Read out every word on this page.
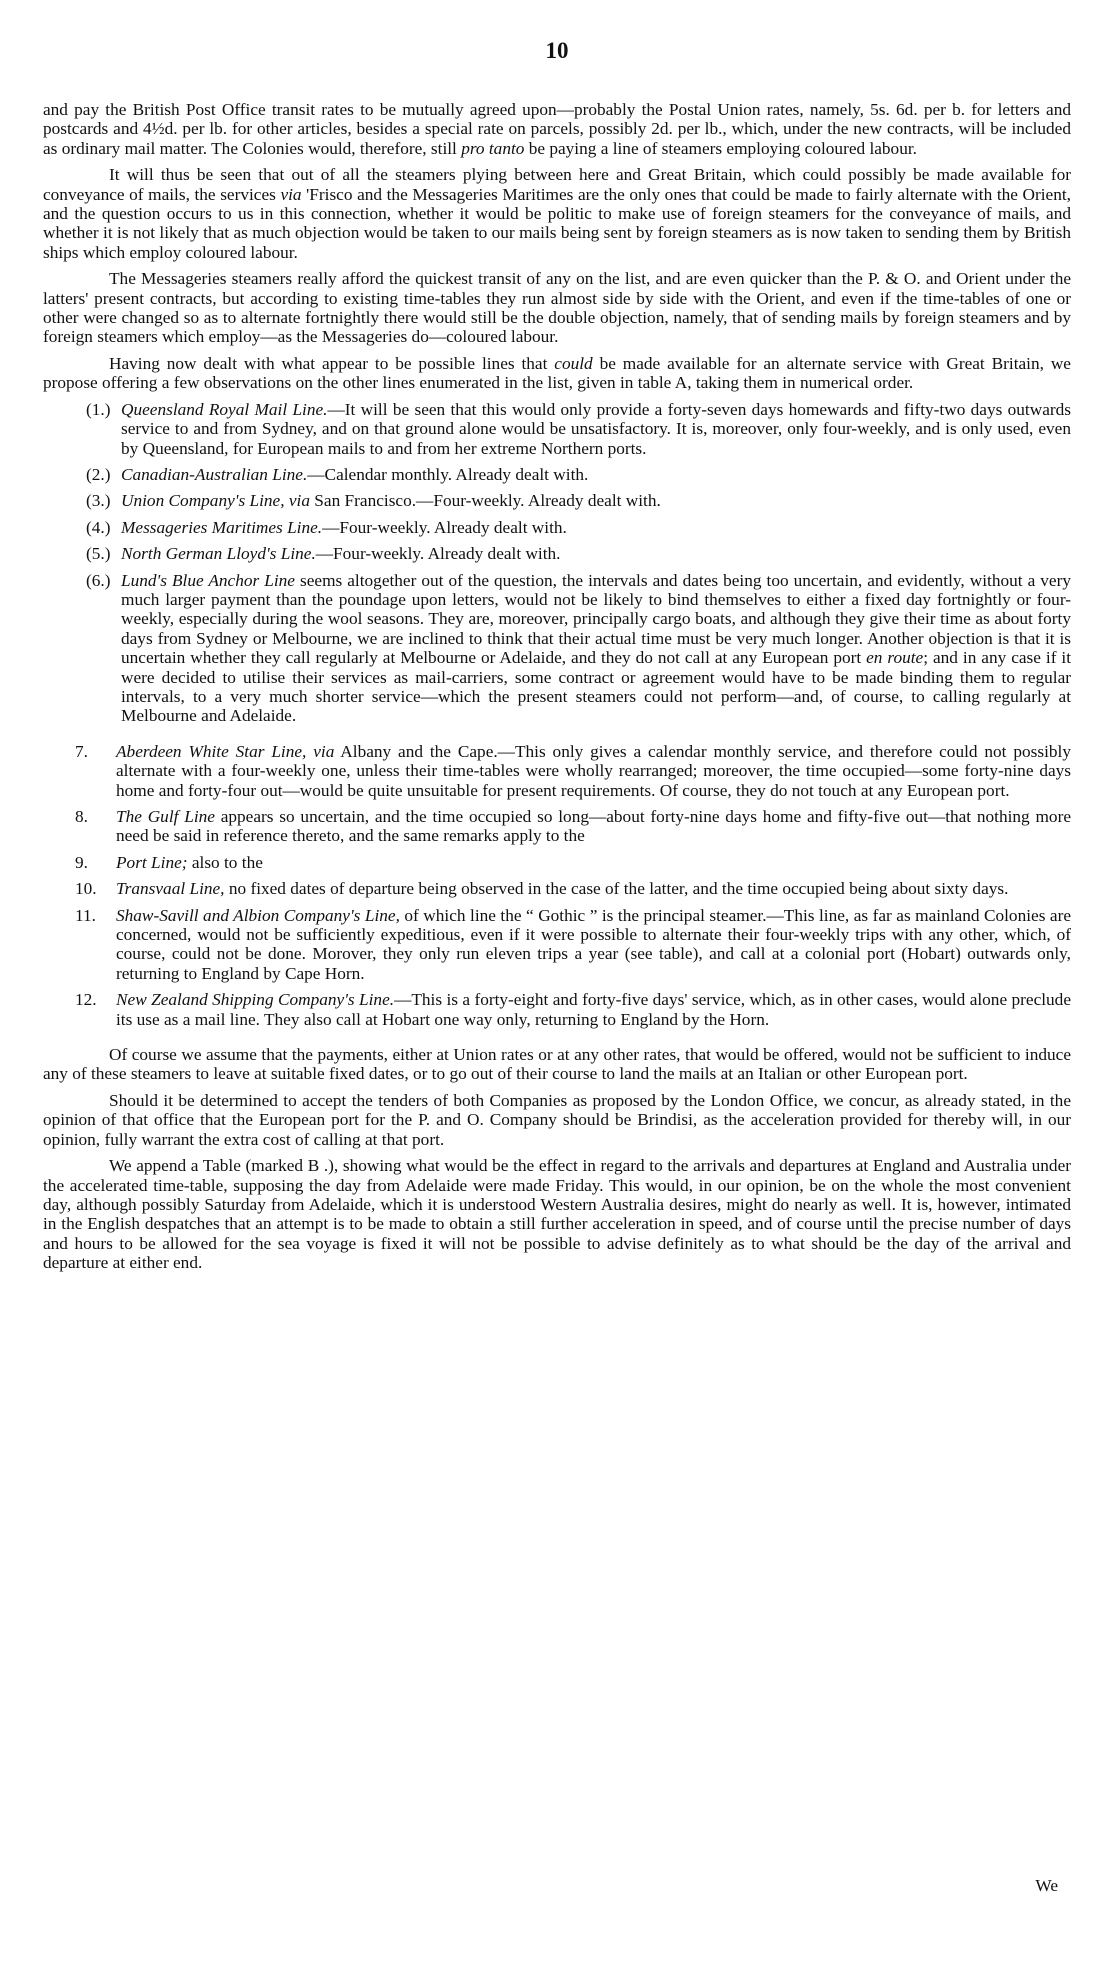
10

and pay the British Post Office transit rates to be mutually agreed upon—probably the Postal Union rates, namely, 5s. 6d. per b. for letters and postcards and 4½d. per lb. for other articles, besides a special rate on parcels, possibly 2d. per lb., which, under the new contracts, will be included as ordinary mail matter. The Colonies would, therefore, still pro tanto be paying a line of steamers employing coloured labour.

It will thus be seen that out of all the steamers plying between here and Great Britain, which could possibly be made available for conveyance of mails, the services via 'Frisco and the Messageries Maritimes are the only ones that could be made to fairly alternate with the Orient, and the question occurs to us in this connection, whether it would be politic to make use of foreign steamers for the conveyance of mails, and whether it is not likely that as much objection would be taken to our mails being sent by foreign steamers as is now taken to sending them by British ships which employ coloured labour.

The Messageries steamers really afford the quickest transit of any on the list, and are even quicker than the P. & O. and Orient under the latters' present contracts, but according to existing time-tables they run almost side by side with the Orient, and even if the time-tables of one or other were changed so as to alternate fortnightly there would still be the double objection, namely, that of sending mails by foreign steamers and by foreign steamers which employ—as the Messageries do—coloured labour.

Having now dealt with what appear to be possible lines that could be made available for an alternate service with Great Britain, we propose offering a few observations on the other lines enumerated in the list, given in table A, taking them in numerical order.

(1.) Queensland Royal Mail Line.—It will be seen that this would only provide a forty-seven days homewards and fifty-two days outwards service to and from Sydney, and on that ground alone would be unsatisfactory. It is, moreover, only four-weekly, and is only used, even by Queensland, for European mails to and from her extreme Northern ports.
(2.) Canadian-Australian Line.—Calendar monthly. Already dealt with.
(3.) Union Company's Line, via San Francisco.—Four-weekly. Already dealt with.
(4.) Messageries Maritimes Line.—Four-weekly. Already dealt with.
(5.) North German Lloyd's Line.—Four-weekly. Already dealt with.
(6.) Lund's Blue Anchor Line seems altogether out of the question, the intervals and dates being too uncertain, and evidently, without a very much larger payment than the poundage upon letters, would not be likely to bind themselves to either a fixed day fortnightly or four-weekly, especially during the wool seasons. They are, moreover, principally cargo boats, and although they give their time as about forty days from Sydney or Melbourne, we are inclined to think that their actual time must be very much longer. Another objection is that it is uncertain whether they call regularly at Melbourne or Adelaide, and they do not call at any European port en route; and in any case if it were decided to utilise their services as mail-carriers, some contract or agreement would have to be made binding them to regular intervals, to a very much shorter service—which the present steamers could not perform—and, of course, to calling regularly at Melbourne and Adelaide.
7.	Aberdeen White Star Line, via Albany and the Cape.—This only gives a calendar monthly service, and therefore could not possibly alternate with a four-weekly one, unless their time-tables were wholly rearranged; moreover, the time occupied—some forty-nine days home and forty-four out—would be quite unsuitable for present requirements. Of course, they do not touch at any European port.
8.	The Gulf Line appears so uncertain, and the time occupied so long—about forty-nine days home and fifty-five out—that nothing more need be said in reference thereto, and the same remarks apply to the
9.	Port Line; also to the
10.	Transvaal Line, no fixed dates of departure being observed in the case of the latter, and the time occupied being about sixty days.
11.	Shaw-Savill and Albion Company's Line, of which line the “ Gothic ” is the principal steamer.—This line, as far as mainland Colonies are concerned, would not be sufficiently expeditious, even if it were possible to alternate their four-weekly trips with any other, which, of course, could not be done. Morover, they only run eleven trips a year (see table), and call at a colonial port (Hobart) outwards only, returning to England by Cape Horn.
12.	New Zealand Shipping Company's Line.—This is a forty-eight and forty-five days' service, which, as in other cases, would alone preclude its use as a mail line. They also call at Hobart one way only, returning to England by the Horn.

Of course we assume that the payments, either at Union rates or at any other rates, that would be offered, would not be sufficient to induce any of these steamers to leave at suitable fixed dates, or to go out of their course to land the mails at an Italian or other European port.

Should it be determined to accept the tenders of both Companies as proposed by the London Office, we concur, as already stated, in the opinion of that office that the European port for the P. and O. Company should be Brindisi, as the acceleration provided for thereby will, in our opinion, fully warrant the extra cost of calling at that port.

We append a Table (marked B .), showing what would be the effect in regard to the arrivals and departures at England and Australia under the accelerated time-table, supposing the day from Adelaide were made Friday. This would, in our opinion, be on the whole the most convenient day, although possibly Saturday from Adelaide, which it is understood Western Australia desires, might do nearly as well. It is, however, intimated in the English despatches that an attempt is to be made to obtain a still further acceleration in speed, and of course until the precise number of days and hours to be allowed for the sea voyage is fixed it will not be possible to advise definitely as to what should be the day of the arrival and departure at either end.

We
